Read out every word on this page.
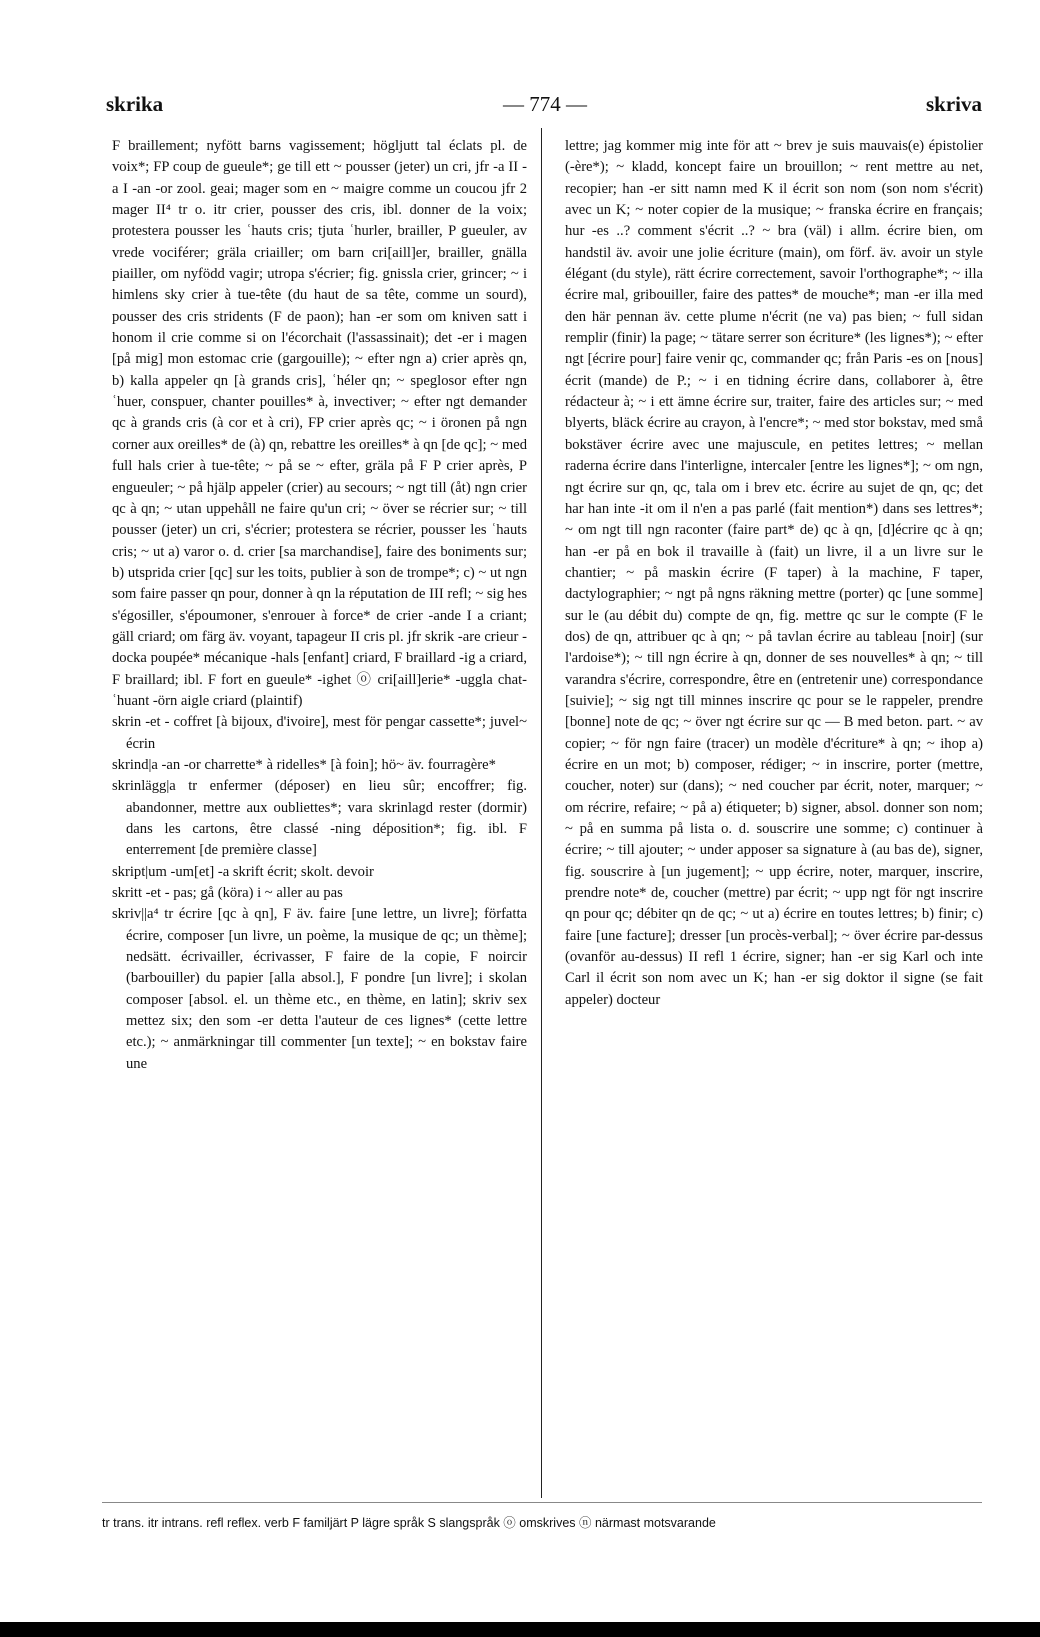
skrika	— 774 —	skriva

F braillement; nyfött barns vagissement; högljutt tal éclats pl. de voix*; FP coup de gueule*; ge till ett ~ pousser (jeter) un cri, jfr -a II -a I -an -or zool. geai; mager som en ~ maigre comme un coucou jfr 2 mager II⁴ tr o. itr crier, pousser des cris, ibl. donner de la voix; protestera pousser les ʿhauts cris; tjuta ʿhurler, brailler, P gueuler, av vrede vociférer; gräla criailler; om barn cri[aill]er, brailler, gnälla piailler, om nyfödd vagir; utropa s'écrier; fig. gnissla crier, grincer; ~ i himlens sky crier à tue-tête (du haut de sa tête, comme un sourd), pousser des cris stridents (F de paon); han -er som om kniven satt i honom il crie comme si on l'écorchait (l'assassinait); det -er i magen [på mig] mon estomac crie (gargouille); ~ efter ngn a) crier après qn, b) kalla appeler qn [à grands cris], ʿhéler qn; ~ speglosor efter ngn ʿhuer, conspuer, chanter pouilles* à, invectiver; ~ efter ngt demander qc à grands cris (à cor et à cri), FP crier après qc; ~ i öronen på ngn corner aux oreilles* de (à) qn, rebattre les oreilles* à qn [de qc]; ~ med full hals crier à tue-tête; ~ på se ~ efter, gräla på F P crier après, P engueuler; ~ på hjälp appeler (crier) au secours; ~ ngt till (åt) ngn crier qc à qn; ~ utan uppehåll ne faire qu'un cri; ~ över se récrier sur; ~ till pousser (jeter) un cri, s'écrier; protestera se récrier, pousser les ʿhauts cris; ~ ut a) varor o. d. crier [sa marchandise], faire des boniments sur; b) utsprida crier [qc] sur les toits, publier à son de trompe*; c) ~ ut ngn som faire passer qn pour, donner à qn la réputation de III refl; ~ sig hes s'égosiller, s'époumoner, s'enrouer à force* de crier -ande I a criant; gäll criard; om färg äv. voyant, tapageur II cris pl. jfr skrik -are crieur -docka poupée* mécanique -hals [enfant] criard, F braillard -ig a criard, F braillard; ibl. F fort en gueule* -ighet ⓞ cri[aill]erie* -uggla chat-ʿhuant -örn aigle criard (plaintif)

skrin -et - coffret [à bijoux, d'ivoire], mest för pengar cassette*; juvel~ écrin

skrind|a -an -or charrette* à ridelles* [à foin]; hö~ äv. fourragère*

skrinlägg|a tr enfermer (déposer) en lieu sûr; encoffrer; fig. abandonner, mettre aux oubliettes*; vara skrinlagd rester (dormir) dans les cartons, être classé -ning déposition*; fig. ibl. F enterrement [de première classe]

skript|um -um[et] -a skrift écrit; skolt. devoir

skritt -et - pas; gå (köra) i ~ aller au pas

skriv||a⁴ tr écrire [qc à qn], F äv. faire [une lettre, un livre]; författa écrire, composer [un livre, un poème, la musique de qc; un thème]; nedsätt. écrivailler, écrivasser, F faire de la copie, F noircir (barbouiller) du papier [alla absol.], F pondre [un livre]; i skolan composer [absol. el. un thème etc., en thème, en latin]; skriv sex mettez six; den som -er detta l'auteur de ces lignes* (cette lettre etc.); ~ anmärkningar till commenter [un texte]; ~ en bokstav faire une

lettre; jag kommer mig inte för att ~ brev je suis mauvais(e) épistolier (-ère*); ~ kladd, koncept faire un brouillon; ~ rent mettre au net, recopier; han -er sitt namn med K il écrit son nom (son nom s'écrit) avec un K; ~ noter copier de la musique; ~ franska écrire en français; hur -es ..? comment s'écrit ..? ~ bra (väl) i allm. écrire bien, om handstil äv. avoir une jolie écriture (main), om förf. äv. avoir un style élégant (du style), rätt écrire correctement, savoir l'orthographe*; ~ illa écrire mal, gribouiller, faire des pattes* de mouche*; man -er illa med den här pennan äv. cette plume n'écrit (ne va) pas bien; ~ full sidan remplir (finir) la page; ~ tätare serrer son écriture* (les lignes*); ~ efter ngt [écrire pour] faire venir qc, commander qc; från Paris -es on [nous] écrit (mande) de P.; ~ i en tidning écrire dans, collaborer à, être rédacteur à; ~ i ett ämne écrire sur, traiter, faire des articles sur; ~ med blyerts, bläck écrire au crayon, à l'encre*; ~ med stor bokstav, med små bokstäver écrire avec une majuscule, en petites lettres; ~ mellan raderna écrire dans l'interligne, intercaler [entre les lignes*]; ~ om ngn, ngt écrire sur qn, qc, tala om i brev etc. écrire au sujet de qn, qc; det har han inte -it om il n'en a pas parlé (fait mention*) dans ses lettres*; ~ om ngt till ngn raconter (faire part* de) qc à qn, [d]écrire qc à qn; han -er på en bok il travaille à (fait) un livre, il a un livre sur le chantier; ~ på maskin écrire (F taper) à la machine, F taper, dactylographier; ~ ngt på ngns räkning mettre (porter) qc [une somme] sur le (au débit du) compte de qn, fig. mettre qc sur le compte (F le dos) de qn, attribuer qc à qn; ~ på tavlan écrire au tableau [noir] (sur l'ardoise*); ~ till ngn écrire à qn, donner de ses nouvelles* à qn; ~ till varandra s'écrire, correspondre, être en (entretenir une) correspondance [suivie]; ~ sig ngt till minnes inscrire qc pour se le rappeler, prendre [bonne] note de qc; ~ över ngt écrire sur qc — B med beton. part. ~ av copier; ~ för ngn faire (tracer) un modèle d'écriture* à qn; ~ ihop a) écrire en un mot; b) composer, rédiger; ~ in inscrire, porter (mettre, coucher, noter) sur (dans); ~ ned coucher par écrit, noter, marquer; ~ om récrire, refaire; ~ på a) étiqueter; b) signer, absol. donner son nom; ~ på en summa på lista o. d. souscrire une somme; c) continuer à écrire; ~ till ajouter; ~ under apposer sa signature à (au bas de), signer, fig. souscrire à [un jugement]; ~ upp écrire, noter, marquer, inscrire, prendre note* de, coucher (mettre) par écrit; ~ upp ngt för ngt inscrire qn pour qc; débiter qn de qc; ~ ut a) écrire en toutes lettres; b) finir; c) faire [une facture]; dresser [un procès-verbal]; ~ över écrire par-dessus (ovanför au-dessus) II refl 1 écrire, signer; han -er sig Karl och inte Carl il écrit son nom avec un K; han -er sig doktor il signe (se fait appeler) docteur

tr trans. itr intrans. refl reflex. verb F familjärt P lägre språk S slangspråk ⓞ omskrives ⓝ närmast motsvarande
